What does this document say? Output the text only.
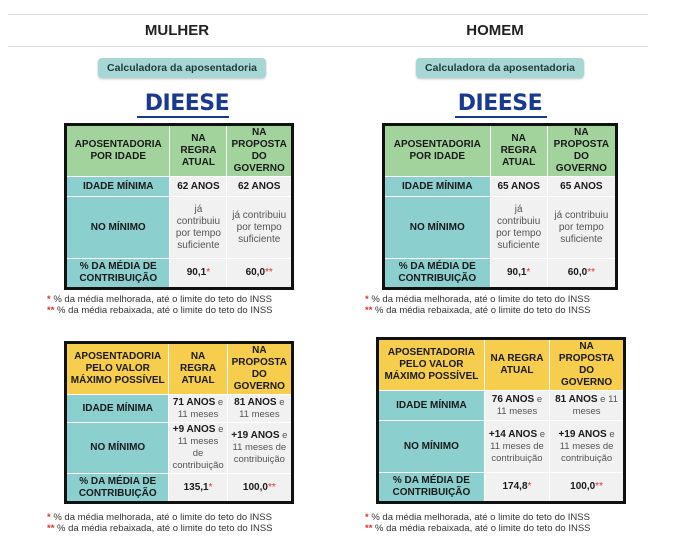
MULHER
Calculadora da aposentadoria
DIEESE
APOSENTADORIA POR IDADE	NA REGRA ATUAL	NA PROPOSTA DO GOVERNO
IDADE MÍNIMA	62 ANOS	62 ANOS
NO MÍNIMO	já contribuiu por tempo suficiente	já contribuiu por tempo suficiente
% DA MÉDIA DE CONTRIBUIÇÃO	90,1*	60,0**
* % da média melhorada, até o limite do teto do INSS
** % da média rebaixada, até o limite do teto do INSS
APOSENTADORIA PELO VALOR MÁXIMO POSSÍVEL	NA REGRA ATUAL	NA PROPOSTA DO GOVERNO
IDADE MÍNIMA	71 ANOS e 11 meses	81 ANOS e 11 meses
NO MÍNIMO	+9 ANOS e 11 meses de contribuição	+19 ANOS e 11 meses de contribuição
% DA MÉDIA DE CONTRIBUIÇÃO	135,1*	100,0**
* % da média melhorada, até o limite do teto do INSS
** % da média rebaixada, até o limite do teto do INSS
HOMEM
Calculadora da aposentadoria
DIEESE
APOSENTADORIA POR IDADE	NA REGRA ATUAL	NA PROPOSTA DO GOVERNO
IDADE MÍNIMA	65 ANOS	65 ANOS
NO MÍNIMO	já contribuiu por tempo suficiente	já contribuiu por tempo suficiente
% DA MÉDIA DE CONTRIBUIÇÃO	90,1*	60,0**
* % da média melhorada, até o limite do teto do INSS
** % da média rebaixada, até o limite do teto do INSS
APOSENTADORIA PELO VALOR MÁXIMO POSSÍVEL	NA REGRA ATUAL	NA PROPOSTA DO GOVERNO
IDADE MÍNIMA	76 ANOS e 11 meses	81 ANOS e 11 meses
NO MÍNIMO	+14 ANOS e 11 meses de contribuição	+19 ANOS e 11 meses de contribuição
% DA MÉDIA DE CONTRIBUIÇÃO	174,8*	100,0**
* % da média melhorada, até o limite do teto do INSS
** % da média rebaixada, até o limite do teto do INSS
